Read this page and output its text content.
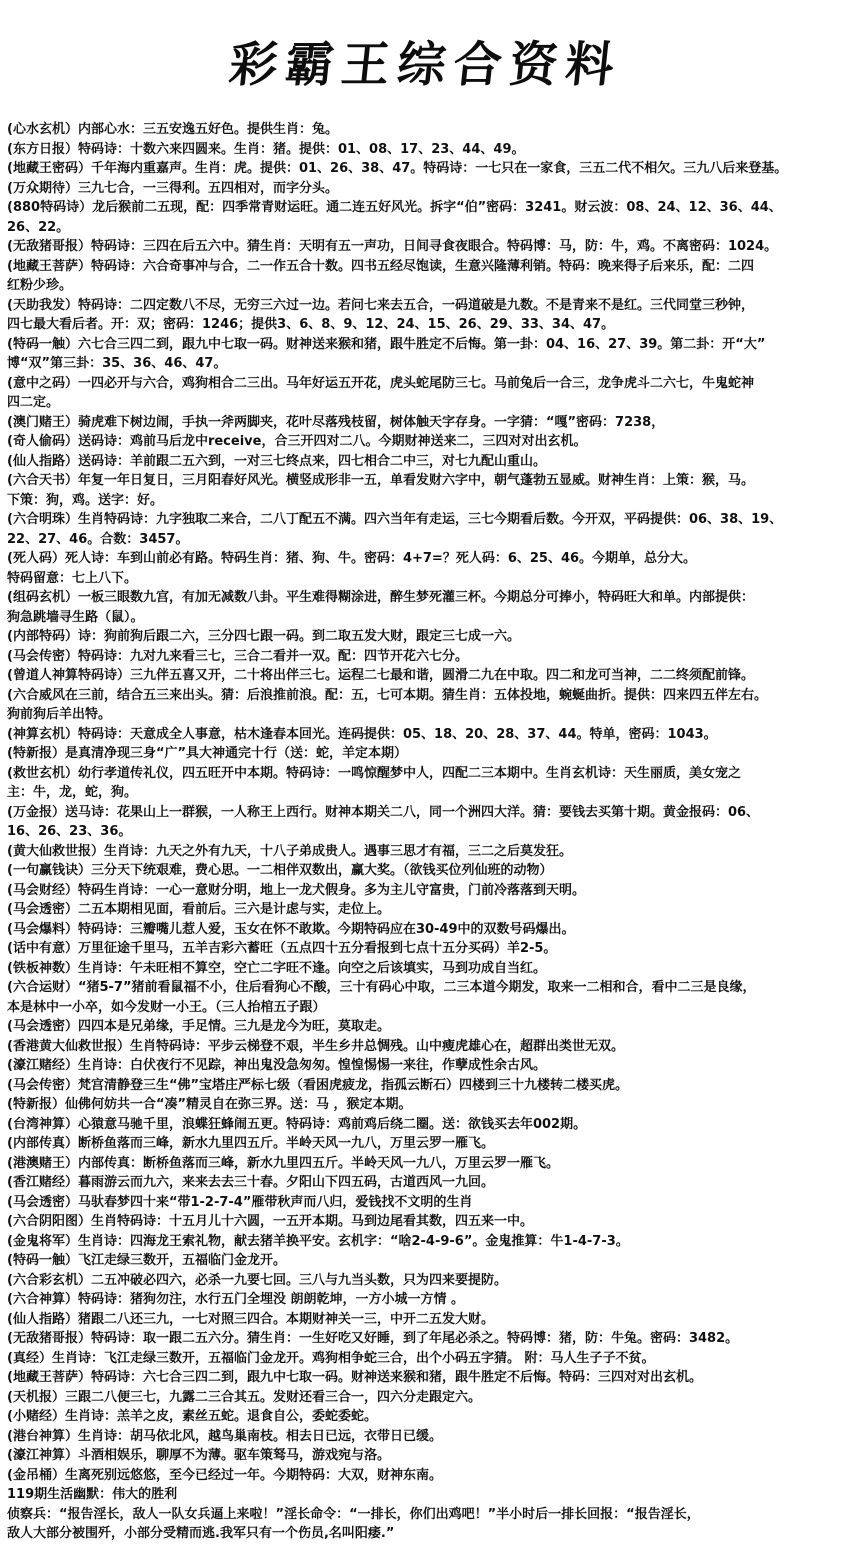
彩霸王综合资料
(心水玄机）内部心水：三五安逸五好色。提供生肖：兔。
(东方日报）特码诗：十数六来四圆来。生肖：猪。提供：01、08、17、23、44、49。
(地藏王密码）千年海内重嘉声。生肖：虎。提供：01、26、38、47。特码诗：一七只在一家食，三五二代不相欠。三九八后来登基。
(万众期待）三九七合，一三得利。五四相对，而字分头。
(880特码诗）龙后猴前二五现，配：四季常青财运旺。通二连五好风光。拆字“伯”密码：3241。财云波：08、24、12、36、44、
26、22。
(无敌猪哥报）特码诗：三四在后五六中。猜生肖：天明有五一声功，日间寻食夜眼合。特码博：马，防：牛，鸡。不离密码：1024。
(地藏王菩萨）特码诗：六合奇事冲与合，二一作五合十数。四书五经尽饱读，生意兴隆薄利销。特码：晚来得子后来乐，配：二四
红粉少珍。
(天助我发）特码诗：二四定数八不尽，无穷三六过一边。若问七来去五合，一码道破是九数。不是青来不是红。三代同堂三秒钟，
四七最大看后者。开：双；密码：1246；提供3、6、8、9、12、24、15、26、29、33、34、47。
(特码一触）六七合三四二到，跟九中七取一码。财神送来猴和猪，跟牛胜定不后悔。第一卦：04、16、27、39。第二卦：开“大”
博“双”第三卦：35、36、46、47。
(意中之码）一四必开与六合，鸡狗相合二三出。马年好运五开花，虎头蛇尾防三七。马前兔后一合三，龙争虎斗二六七，牛鬼蛇神
四二定。
(澳门赌王）骑虎难下树边闹，手执一斧两脚夹，花叶尽落残枝留，树体触天字存身。一字猜：“嘎”密码：7238，
(奇人偷码）送码诗：鸡前马后龙中receive，合三开四对二八。今期财神送来二，三四对对出玄机。
(仙人指路）送码诗：羊前跟二五六到，一对三七终点来，四七相合二中三，对七九配山重山。
(六合天书）年复一年日复日，三月阳春好风光。横竖成形非一五，单看发财六字中，朝气蓬勃五显威。财神生肖：上策：猴，马。
下策：狗，鸡。送字：好。
(六合明珠）生肖特码诗：九字独取二来合，二八丁配五不满。四六当年有走运，三七今期看后数。今开双，平码提供：06、38、19、
22、27、46。合数：3457。
(死人码）死人诗：车到山前必有路。特码生肖：猪、狗、牛。密码：4+7=？死人码：6、25、46。今期单，总分大。
特码留意：七上八下。
(组码玄机）一板三眼数九宫，有加无减数八卦。平生难得糊涂进，醉生梦死灌三杯。今期总分可捧小，特码旺大和单。内部提供：
狗急跳墙寻生路（鼠）。
(内部特码）诗：狗前狗后跟二六，三分四七跟一码。到二取五发大财，跟定三七成一六。
(马会传密）特码诗：九对九来看三七，三合二看并一双。配：四节开花六七分。
(曾道人神算特码诗）三九伴五喜又开，二十将出伴三七。运程二七最和谐，圆滑二九在中取。四二和龙可当神，二二终须配前锋。
(六合威风在三前，结合五三来出头。猜：后浪推前浪。配：五，七可本期。猜生肖：五体投地，蜿蜒曲折。提供：四来四五伴左右。
狗前狗后羊出特。
(神算玄机）特码诗：天意成全人事意，枯木逢春本回光。连码提供：05、18、20、28、37、44。特单，密码：1043。
(特新报）是真清净现三身“广”具大神通完十行（送：蛇，羊定本期）
(救世玄机）幼行孝道传礼仪，四五旺开中本期。特码诗：一鸣惊醒梦中人，四配二三本期中。生肖玄机诗：天生丽质，美女宠之
主：牛，龙，蛇，狗。
(万金报）送马诗：花果山上一群猴，一人称王上西行。财神本期关二八，同一个洲四大洋。猜：要钱去买第十期。黄金报码：06、
16、26、23、36。
(黄大仙救世报）生肖诗：九天之外有九天，十八子弟成贵人。遇事三思才有福，三二之后莫发狂。
(一句赢钱诀）三分天下统艰难，费心思。一二相伴双数出，赢大奖。（欲钱买位列仙班的动物）
(马会财经）特码生肖诗：一心一意财分明，地上一龙犬假身。多为主儿守富贵，门前冷落落到天明。
(马会透密）二五本期相见面，看前后。三六是计虑与实，走位上。
(马会爆料）特码诗：三瓣嘴儿惹人爱，玉女在怀不敢欺。今期特码应在30-49中的双数号码爆出。
(话中有意）万里征途千里马，五羊吉彩六蓄旺（五点四十五分看报到七点十五分买码）羊2-5。
(铁板神数）生肖诗：午未旺相不算空，空亡二字旺不逢。向空之后该填实，马到功成自当红。
(六合运财）“猪5-7”猪前看鼠福不小，住后看狗心不酸，三十有码心中取，二三本道今期发，取来一二相和合，看中二三是良缘，
本是林中一小卒，如今发财一小王。（三人抬棺五子跟）
(马会透密）四四本是兄弟缘，手足情。三九是龙今为旺，莫取走。
(香港黄大仙救世报）生肖特码诗：平步云梯登不艰，半生乡井总惆残。山中瘦虎雄心在，超群出类世无双。
(濠江赌经）生肖诗：白伏夜行不见踪，神出鬼没急匆匆。惶惶惕惕一来往，作孽成性余古风。
(马会传密）梵宫清静登三生“佛”宝塔庄严标七级（看困虎疲龙，指孤云断石）四楼到三十九楼转二楼买虎。
(特新报）仙佛何妨共一合“凑”精灵自在弥三界。送：马 ，猴定本期。
(台湾神算）心猿意马驰千里，浪蝶狂蜂闹五更。特码诗：鸡前鸡后绕二圈。送：欲钱买去年002期。
(内部传真）断桥鱼落而三峰，新水九里四五斤。半岭天风一九八，万里云罗一雁飞。
(港澳赌王）内部传真：断桥鱼落而三峰，新水九里四五斤。半岭天风一九八，万里云罗一雁飞。
(香江赌经）暮雨游云而九六，来来去去三十春。夕阳山下四五码，古道西风一九回。
(马会透密）马驮春梦四十来“带1-2-7-4”雁带秋声而八归，爱钱找不文明的生肖
(六合阴阳图）生肖特码诗：十五月儿十六圆，一五开本期。马到边尾看其数，四五来一中。
(金鬼将军）生肖诗：四海龙王索礼物，献去猪羊换平安。玄机字：“啥2-4-9-6”。金鬼推算：牛1-4-7-3。
(特码一触）飞江走绿三数开，五福临门金龙开。
(六合彩玄机）二五冲破必四六，必杀一九要七回。三八与九当头数，只为四来要提防。
(六合神算）特码诗：猪狗勿注，水行五门全埋没 朗朗乾坤，一方小城一方情 。
(仙人指路）猪跟二八还三九，一七对照三四合。本期财神关一三，中开二五发大财。
(无敌猪哥报）特码诗：取一跟二五六分。猜生肖：一生好吃又好睡，到了年尾必杀之。特码博：猪，防：牛兔。密码：3482。
(真经）生肖诗：飞江走绿三数开，五福临门金龙开。鸡狗相争蛇三合，出个小码五字猜。 附：马人生子子不贫。
(地藏王菩萨）特码诗：六七合三四二到，跟九中七取一码。财神送来猴和猪，跟牛胜定不后悔。特码：三四对对出玄机。
(天机报）三跟二八便三七，九露二三合其五。发财还看三合一，四六分走跟定六。
(小赌经）生肖诗：羔羊之皮，素丝五蛇。退食自公，委蛇委蛇。
(港台神算）生肖诗：胡马依北风，越鸟巢南枝。相去日已远，衣带日已缓。
(濠江神算）斗酒相娱乐，聊厚不为薄。驱车策驽马，游戏宛与洛。
(金吊桶）生离死别远悠悠，至今已经过一年。今期特码：大双，财神东南。
119期生活幽默：伟大的胜利
侦察兵：“报告淫长，敌人一队女兵逼上来啦！”淫长命令：“一排长，你们出鸡吧！”半小时后一排长回报：“报告淫长，
敌人大部分被围歼，小部分受精而逃.我军只有一个伤员,名叫阳痿.”
